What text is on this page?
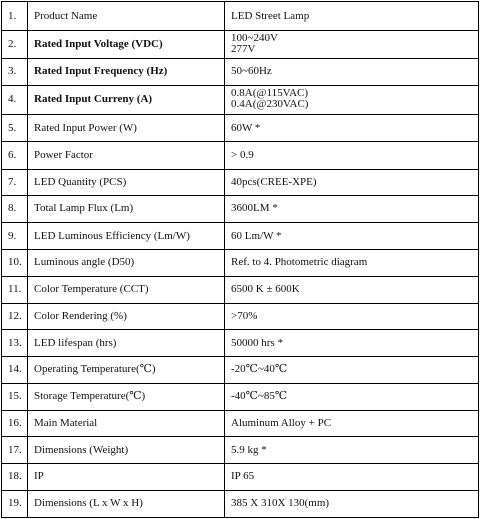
1.	Product Name	LED Street Lamp

2.	Rated Input Voltage (VDC)	100~240V
277V

3.	Rated Input Frequency (Hz)	50~60Hz

4.	Rated Input Curreny (A)	0.8A(@115VAC)
0.4A(@230VAC)

5.	Rated Input Power (W)	60W *

6.	Power Factor	> 0.9

7.	LED Quantity (PCS)	40pcs(CREE-XPE)

8.	Total Lamp Flux (Lm)	3600LM *

9.	LED Luminous Efficiency (Lm/W)	60 Lm/W *

10.	Luminous angle (D50)	Ref. to 4. Photometric diagram

11.	Color Temperature (CCT)	6500 K ± 600K

12.	Color Rendering (%)	>70%

13.	LED lifespan (hrs)	50000 hrs *

14.	Operating Temperature(℃)	-20℃~40℃

15.	Storage Temperature(℃)	-40℃~85℃

16.	Main Material	Aluminum Alloy + PC

17.	Dimensions (Weight)	5.9 kg *

18.	IP	IP 65

19.	Dimensions (L x W x H)	385 X 310X 130(mm)
